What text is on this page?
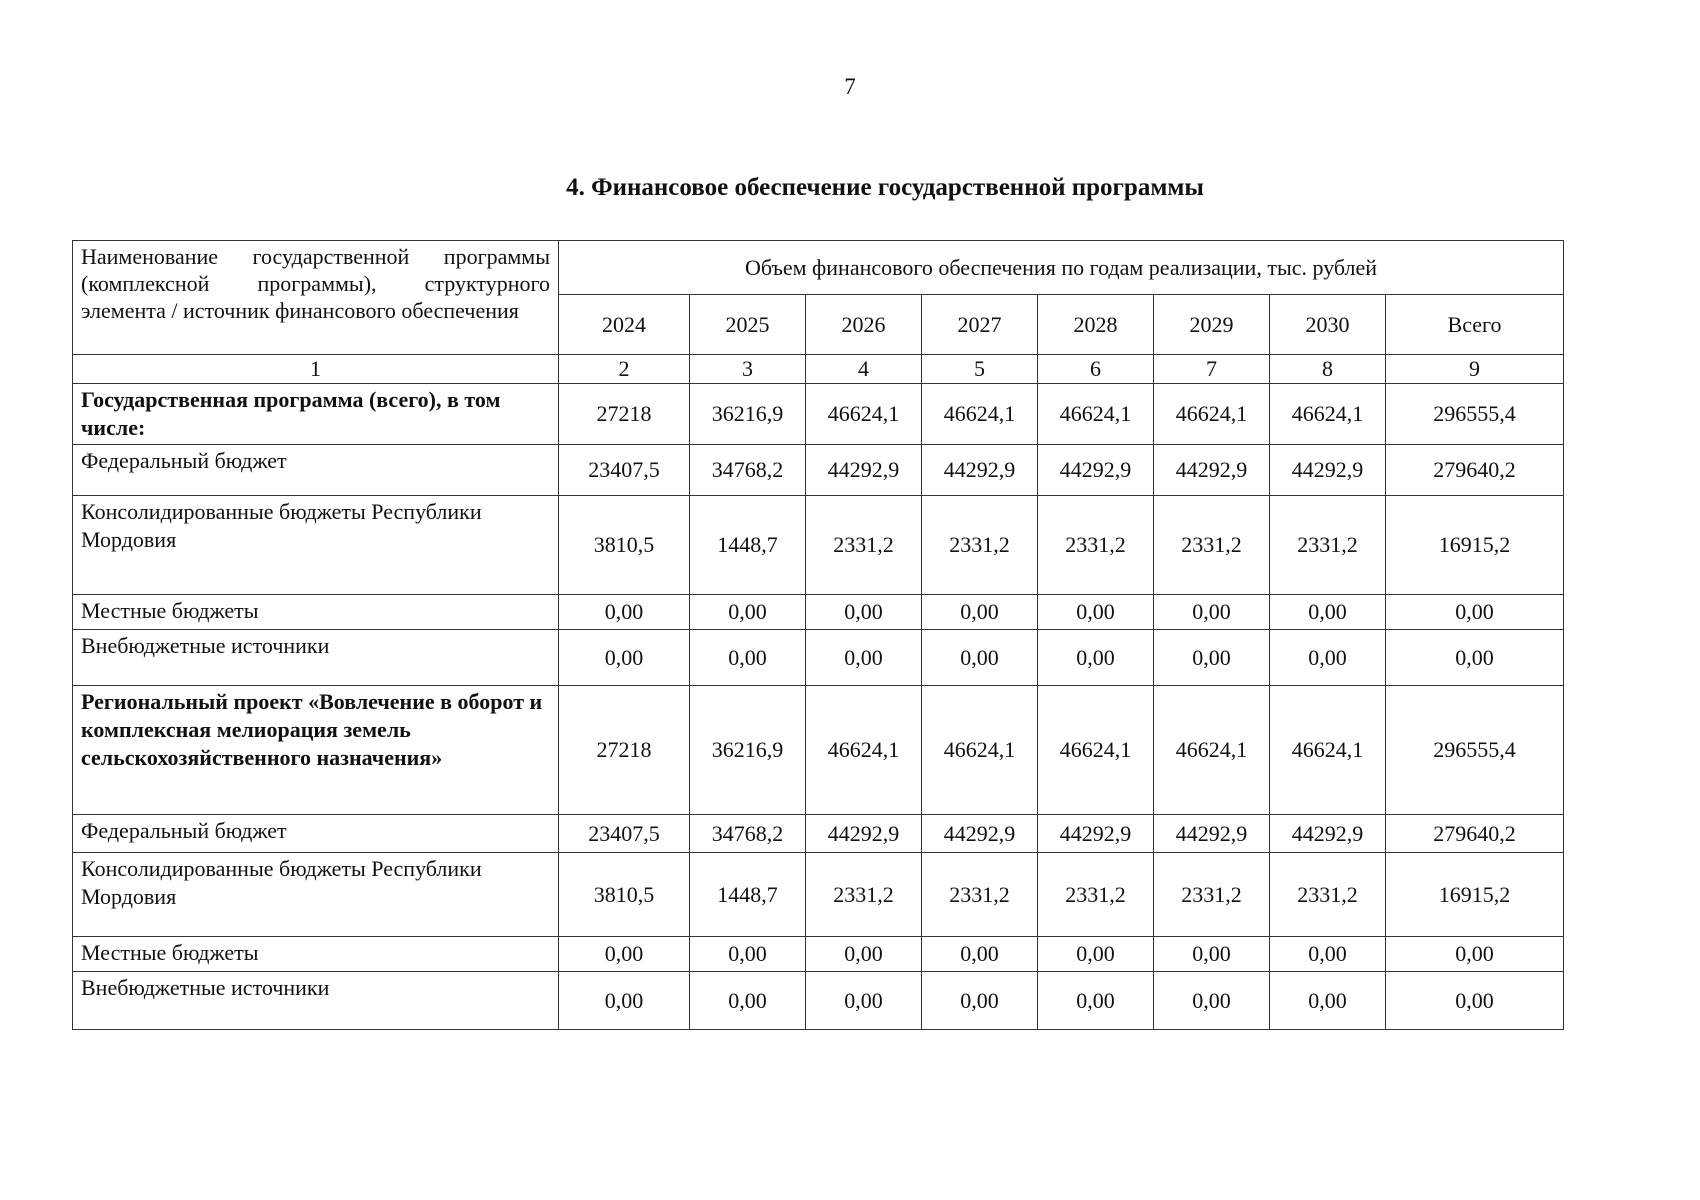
7
4. Финансовое обеспечение государственной программы
Наименование государственной программы (комплексной программы), структурного элемента / источник финансового обеспечения	Объем финансового обеспечения по годам реализации, тыс. рублей							
	2024	2025	2026	2027	2028	2029	2030	Всего
1	2	3	4	5	6	7	8	9
Государственная программа (всего), в том числе:	27218	36216,9	46624,1	46624,1	46624,1	46624,1	46624,1	296555,4
Федеральный бюджет	23407,5	34768,2	44292,9	44292,9	44292,9	44292,9	44292,9	279640,2
Консолидированные бюджеты Республики Мордовия	3810,5	1448,7	2331,2	2331,2	2331,2	2331,2	2331,2	16915,2
Местные бюджеты	0,00	0,00	0,00	0,00	0,00	0,00	0,00	0,00
Внебюджетные источники	0,00	0,00	0,00	0,00	0,00	0,00	0,00	0,00
Региональный проект «Вовлечение в оборот и комплексная мелиорация земель сельскохозяйственного назначения»	27218	36216,9	46624,1	46624,1	46624,1	46624,1	46624,1	296555,4
Федеральный бюджет	23407,5	34768,2	44292,9	44292,9	44292,9	44292,9	44292,9	279640,2
Консолидированные бюджеты Республики Мордовия	3810,5	1448,7	2331,2	2331,2	2331,2	2331,2	2331,2	16915,2
Местные бюджеты	0,00	0,00	0,00	0,00	0,00	0,00	0,00	0,00
Внебюджетные источники	0,00	0,00	0,00	0,00	0,00	0,00	0,00	0,00
